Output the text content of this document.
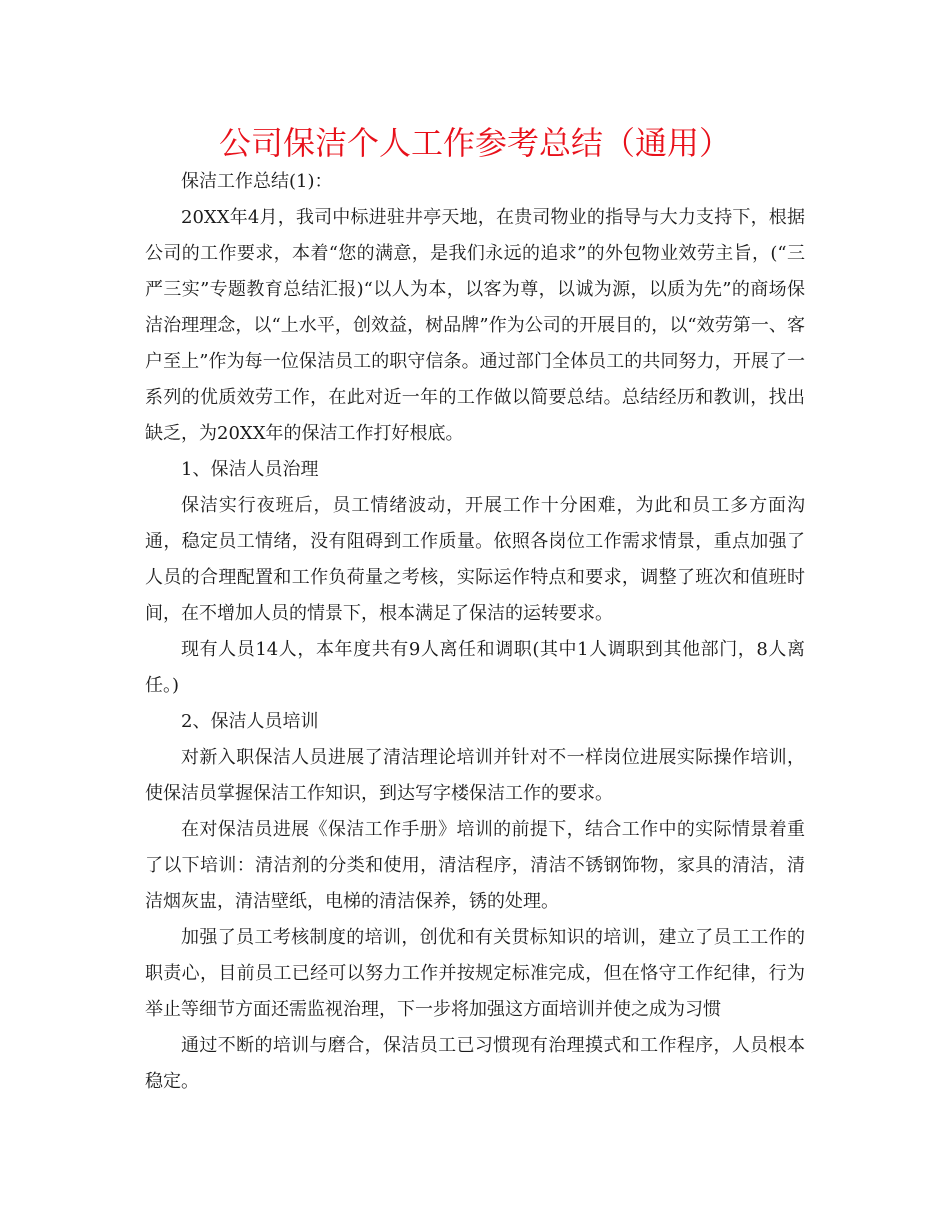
公司保洁个人工作参考总结（通用）

保洁工作总结(1)：

20XX年4月，我司中标进驻井亭天地，在贵司物业的指导与大力支持下，根据公司的工作要求，本着“您的满意，是我们永远的追求”的外包物业效劳主旨，(“三严三实”专题教育总结汇报)“以人为本，以客为尊，以诚为源，以质为先”的商场保洁治理理念，以“上水平，创效益，树品牌”作为公司的开展目的，以“效劳第一、客户至上”作为每一位保洁员工的职守信条。通过部门全体员工的共同努力，开展了一系列的优质效劳工作，在此对近一年的工作做以简要总结。总结经历和教训，找出缺乏，为20XX年的保洁工作打好根底。

1、保洁人员治理

保洁实行夜班后，员工情绪波动，开展工作十分困难，为此和员工多方面沟通，稳定员工情绪，没有阻碍到工作质量。依照各岗位工作需求情景，重点加强了人员的合理配置和工作负荷量之考核，实际运作特点和要求，调整了班次和值班时间，在不增加人员的情景下，根本满足了保洁的运转要求。

现有人员14人，本年度共有9人离任和调职(其中1人调职到其他部门，8人离任。)

2、保洁人员培训

对新入职保洁人员进展了清洁理论培训并针对不一样岗位进展实际操作培训，使保洁员掌握保洁工作知识，到达写字楼保洁工作的要求。

在对保洁员进展《保洁工作手册》培训的前提下，结合工作中的实际情景着重了以下培训：清洁剂的分类和使用，清洁程序，清洁不锈钢饰物，家具的清洁，清洁烟灰盅，清洁壁纸，电梯的清洁保养，锈的处理。

加强了员工考核制度的培训，创优和有关贯标知识的培训，建立了员工工作的职责心，目前员工已经可以努力工作并按规定标准完成，但在恪守工作纪律，行为举止等细节方面还需监视治理，下一步将加强这方面培训并使之成为习惯

通过不断的培训与磨合，保洁员工已习惯现有治理摸式和工作程序，人员根本稳定。
